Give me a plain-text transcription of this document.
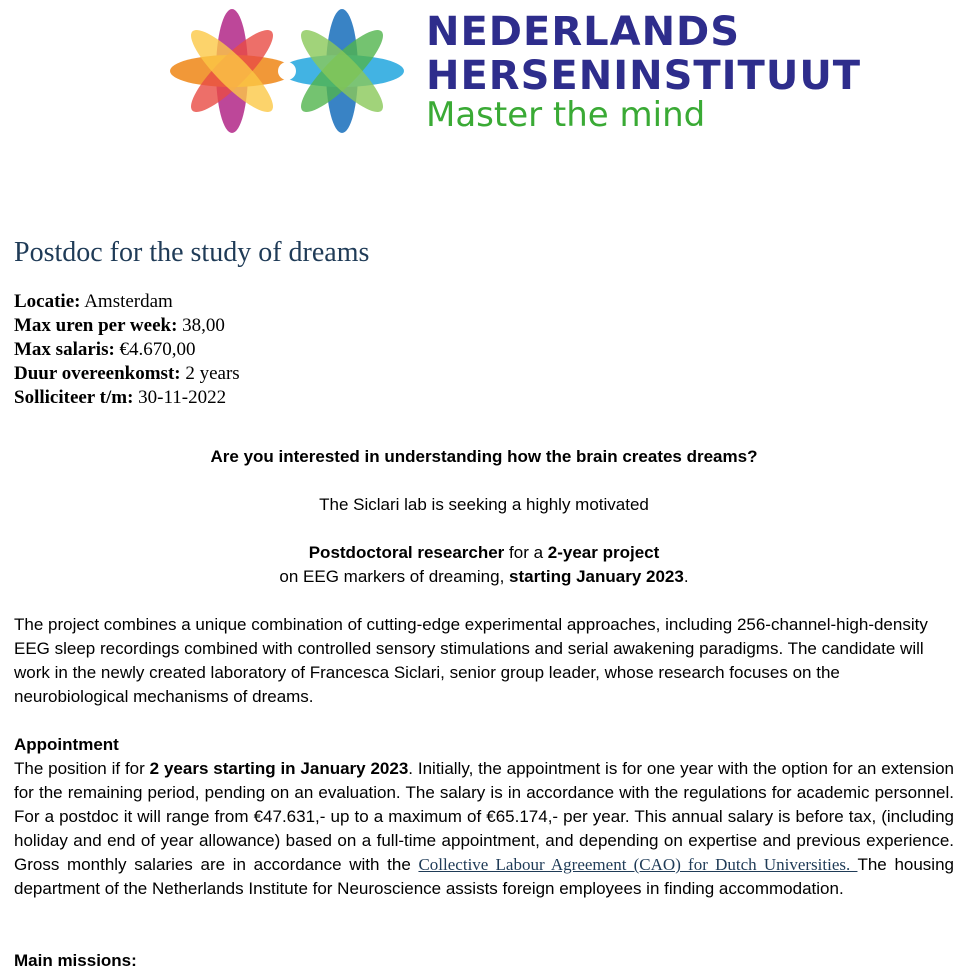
NEDERLANDS
HERSENINSTITUUT
Master the mind
Postdoc for the study of dreams
Locatie: Amsterdam
Max uren per week: 38,00
Max salaris: €4.670,00
Duur overeenkomst: 2 years
Solliciteer t/m: 30-11-2022
Are you interested in understanding how the brain creates dreams?
The Siclari lab is seeking a highly motivated
Postdoctoral researcher for a 2-year project
on EEG markers of dreaming, starting January 2023.
The project combines a unique combination of cutting-edge experimental approaches, including 256-channel-high-density EEG sleep recordings combined with controlled sensory stimulations and serial awakening paradigms. The candidate will work in the newly created laboratory of Francesca Siclari, senior group leader, whose research focuses on the neurobiological mechanisms of dreams.
Appointment
The position if for 2 years starting in January 2023. Initially, the appointment is for one year with the option for an extension for the remaining period, pending on an evaluation. The salary is in accordance with the regulations for academic personnel. For a postdoc it will range from €47.631,- up to a maximum of €65.174,- per year. This annual salary is before tax, (including holiday and end of year allowance) based on a full-time appointment, and depending on expertise and previous experience. Gross monthly salaries are in accordance with the Collective Labour Agreement (CAO) for Dutch Universities. The housing department of the Netherlands Institute for Neuroscience assists foreign employees in finding accommodation.
Main missions:
